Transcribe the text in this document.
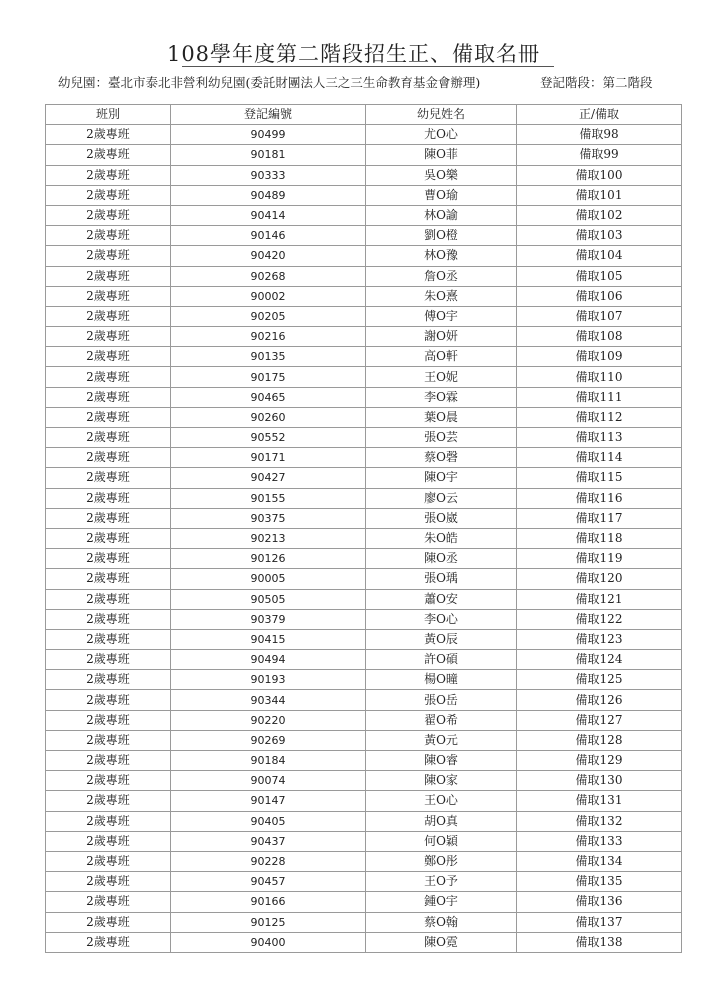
108學年度第二階段招生正、備取名冊
幼兒園： 臺北市泰北非營利幼兒園(委託財團法人三之三生命教育基金會辦理)	登記階段：第二階段
班別	登記編號	幼兒姓名	正/備取
2歲專班	90499	尤O心	備取98
2歲專班	90181	陳O菲	備取99
2歲專班	90333	吳O樂	備取100
2歲專班	90489	曹O瑜	備取101
2歲專班	90414	林O諭	備取102
2歲專班	90146	劉O橙	備取103
2歲專班	90420	林O豫	備取104
2歲專班	90268	詹O丞	備取105
2歲專班	90002	朱O熹	備取106
2歲專班	90205	傅O宇	備取107
2歲專班	90216	謝O妍	備取108
2歲專班	90135	高O軒	備取109
2歲專班	90175	王O妮	備取110
2歲專班	90465	李O霖	備取111
2歲專班	90260	葉O晨	備取112
2歲專班	90552	張O芸	備取113
2歲專班	90171	蔡O磬	備取114
2歲專班	90427	陳O宇	備取115
2歲專班	90155	廖O云	備取116
2歲專班	90375	張O崴	備取117
2歲專班	90213	朱O皓	備取118
2歲專班	90126	陳O丞	備取119
2歲專班	90005	張O瑀	備取120
2歲專班	90505	蕭O安	備取121
2歲專班	90379	李O心	備取122
2歲專班	90415	黃O辰	備取123
2歲專班	90494	許O碩	備取124
2歲專班	90193	楊O曈	備取125
2歲專班	90344	張O岳	備取126
2歲專班	90220	翟O希	備取127
2歲專班	90269	黃O元	備取128
2歲專班	90184	陳O睿	備取129
2歲專班	90074	陳O家	備取130
2歲專班	90147	王O心	備取131
2歲專班	90405	胡O真	備取132
2歲專班	90437	何O穎	備取133
2歲專班	90228	鄭O彤	備取134
2歲專班	90457	王O予	備取135
2歲專班	90166	鍾O宇	備取136
2歲專班	90125	蔡O翰	備取137
2歲專班	90400	陳O霓	備取138
